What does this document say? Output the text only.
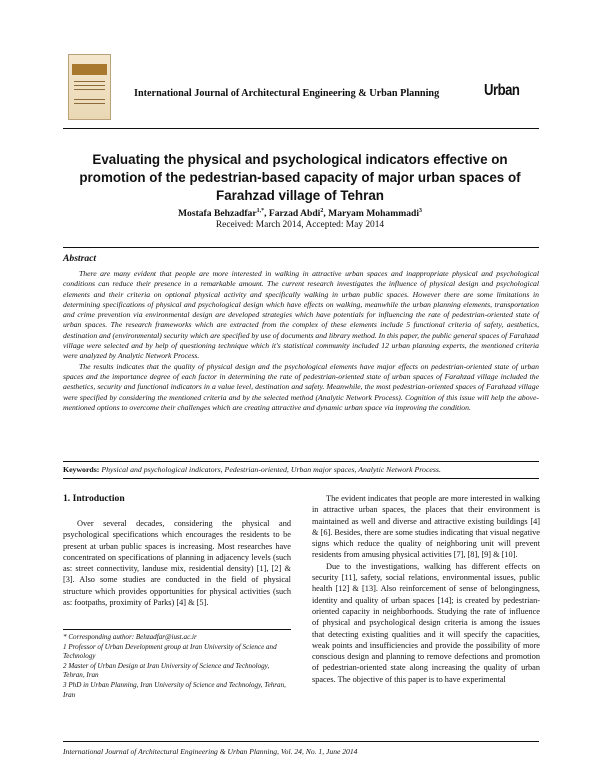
International Journal of Architectural Engineering & Urban Planning	Urban
Evaluating the physical and psychological indicators effective on promotion of the pedestrian-based capacity of major urban spaces of Farahzad village of Tehran
Mostafa Behzadfar$^{1,*}$, Farzad Abdi$^2$, Maryam Mohammadi$^3$
Received: March 2014, Accepted: May 2014
Abstract

There are many evident that people are more interested in walking in attractive urban spaces and inappropriate physical and psychological conditions can reduce their presence in a remarkable amount. The current research investigates the influence of physical design and psychological elements and their criteria on optional physical activity and specifically walking in urban public spaces. However there are some limitations in determining specifications of physical and psychological design which have effects on walking, meanwhile the urban planning elements, transportation and crime prevention via environmental design are developed strategies which have potentials for influencing the rate of pedestrian-oriented state of urban spaces. The research frameworks which are extracted from the complex of these elements include 5 functional criteria of safety, aesthetics, destination and (environmental) security which are specified by use of documents and library method. In this paper, the public general spaces of Farahzad village were selected and by help of questioning technique which it's statistical community included 12 urban planning experts, the mentioned criteria were analyzed by Analytic Network Process.

The results indicates that the quality of physical design and the psychological elements have major effects on pedestrian-oriented state of urban spaces and the importance degree of each factor in determining the rate of pedestrian-oriented state of urban spaces of Farahzad village included the aesthetics, security and functional indicators in a value level, destination and safety. Meanwhile, the most pedestrian-oriented spaces of Farahzad village were specified by considering the mentioned criteria and by the selected method (Analytic Network Process). Cognition of this issue will help the above-mentioned options to overcome their challenges which are creating attractive and dynamic urban space via improving the condition.

Keywords: Physical and psychological indicators, Pedestrian-oriented, Urban major spaces, Analytic Network Process.
1. Introduction

Over several decades, considering the physical and psychological specifications which encourages the residents to be present at urban public spaces is increasing. Most researches have concentrated on specifications of planning in adjacency levels (such as: street connectivity, landuse mix, residential density) [1], [2] & [3]. Also some studies are conducted in the field of physical structure which provides opportunities for physical activities (such as: footpaths, proximity of Parks) [4] & [5].

The evident indicates that people are more interested in walking in attractive urban spaces, the places that their environment is maintained as well and diverse and attractive existing buildings [4] & [6]. Besides, there are some studies indicating that visual negative signs which reduce the quality of neighboring unit will prevent residents from amusing physical activities [7], [8], [9] & [10].

Due to the investigations, walking has different effects on security [11], safety, social relations, environmental issues, public health [12] & [13]. Also reinforcement of sense of belongingness, identity and quality of urban spaces [14]; is created by pedestrian-oriented capacity in neighborhoods. Studying the rate of influence of physical and psychological design criteria is among the issues that detecting existing qualities and it will specify the capacities, weak points and insufficiencies and provide the possibility of more conscious design and planning to remove defections and promotion of pedestrian-oriented state along increasing the quality of urban spaces. The objective of this paper is to have experimental

* Corresponding author: Behzadfar@iust.ac.ir
1 Professor of Urban Development group at Iran University of Science and Technology
2 Master of Urban Design at Iran University of Science and Technology, Tehran, Iran
3 PhD in Urban Planning, Iran University of Science and Technology, Tehran, Iran
International Journal of Architectural Engineering & Urban Planning, Vol. 24, No. 1, June 2014
